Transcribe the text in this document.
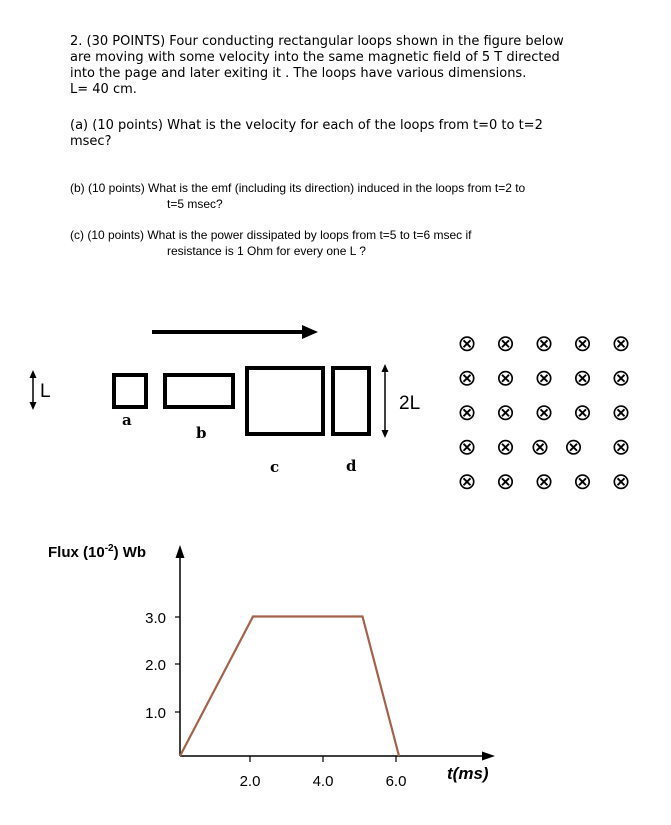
2. (30 POINTS) Four conducting rectangular loops shown in the figure below
are moving with some velocity into the same magnetic field of 5 T directed
into the page and later exiting it . The loops have various dimensions.
L= 40 cm.
(a) (10 points) What is the velocity for each of the loops from t=0 to t=2
msec?
(b) (10 points) What is the emf (including its direction) induced in the loops from t=2 to
t=5 msec?
(c) (10 points) What is the power dissipated by loops from t=5 to t=6 msec if
resistance is 1 Ohm for every one L ?
L
2L
a
b
c	d
⊗ ⊗ ⊗ ⊗ ⊗
⊗ ⊗ ⊗ ⊗ ⊗
⊗ ⊗ ⊗ ⊗ ⊗
⊗ ⊗ ⊗ ⊗ ⊗
⊗ ⊗ ⊗ ⊗ ⊗
Flux $(10^{-2})$ Wb
1.0
2.0
3.0
2.0	4.0	6.0 t(ms)
